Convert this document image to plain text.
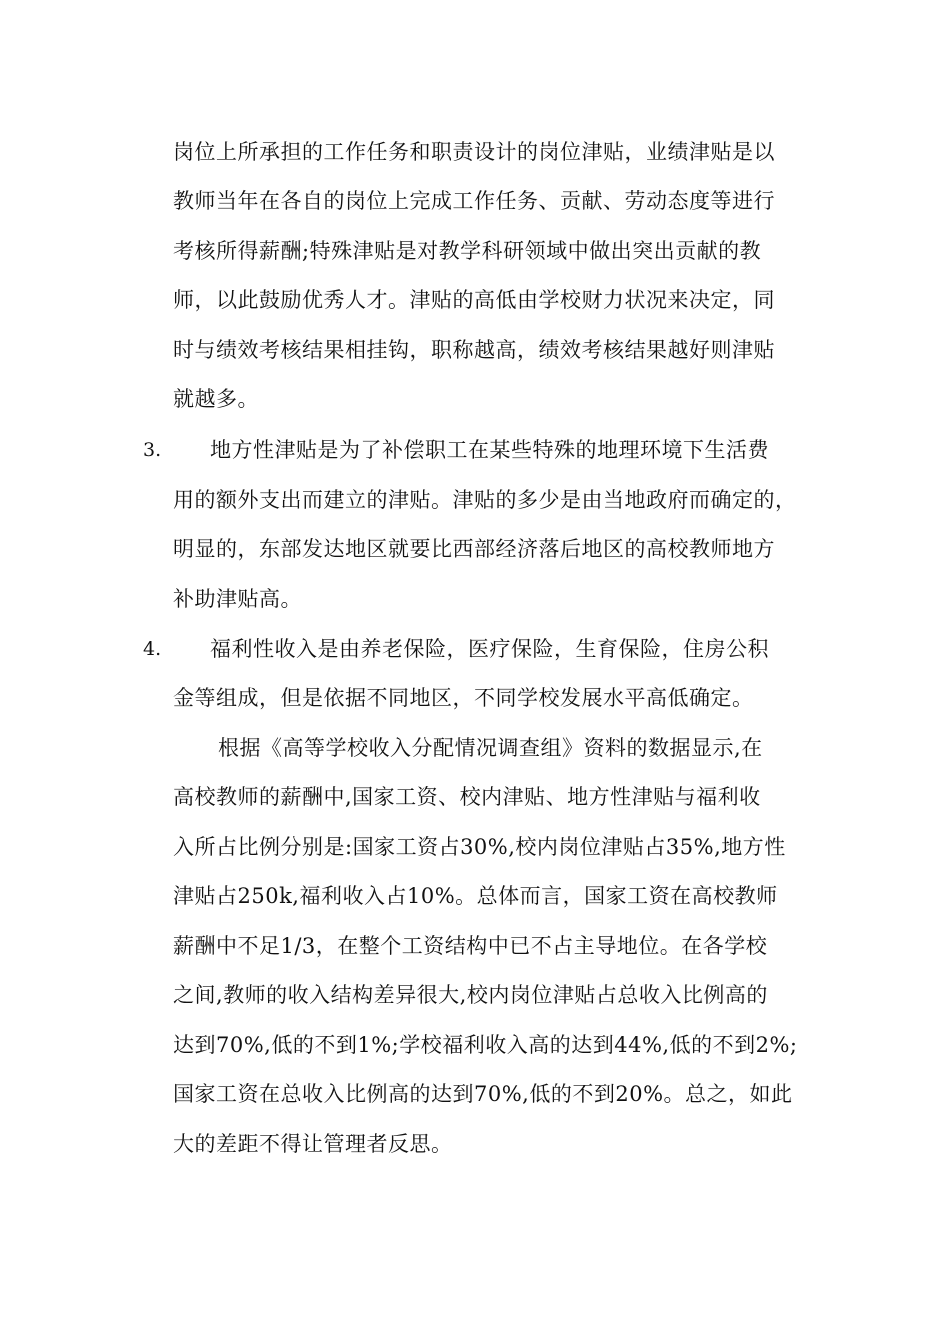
岗位上所承担的工作任务和职责设计的岗位津贴，业绩津贴是以
教师当年在各自的岗位上完成工作任务、贡献、劳动态度等进行
考核所得薪酬;特殊津贴是对教学科研领域中做出突出贡献的教
师，以此鼓励优秀人才。津贴的高低由学校财力状况来决定，同
时与绩效考核结果相挂钩，职称越高，绩效考核结果越好则津贴
就越多。
3. 地方性津贴是为了补偿职工在某些特殊的地理环境下生活费
用的额外支出而建立的津贴。津贴的多少是由当地政府而确定的，
明显的，东部发达地区就要比西部经济落后地区的高校教师地方
补助津贴高。
4. 福利性收入是由养老保险，医疗保险，生育保险，住房公积
金等组成，但是依据不同地区，不同学校发展水平高低确定。
根据《高等学校收入分配情况调查组》资料的数据显示,在
高校教师的薪酬中,国家工资、校内津贴、地方性津贴与福利收
入所占比例分别是:国家工资占30%,校内岗位津贴占35%,地方性
津贴占250k,福利收入占10%。总体而言，国家工资在高校教师
薪酬中不足1/3，在整个工资结构中已不占主导地位。在各学校
之间,教师的收入结构差异很大,校内岗位津贴占总收入比例高的
达到70%,低的不到1%;学校福利收入高的达到44%,低的不到2%;
国家工资在总收入比例高的达到70%,低的不到20%。总之，如此
大的差距不得让管理者反思。
